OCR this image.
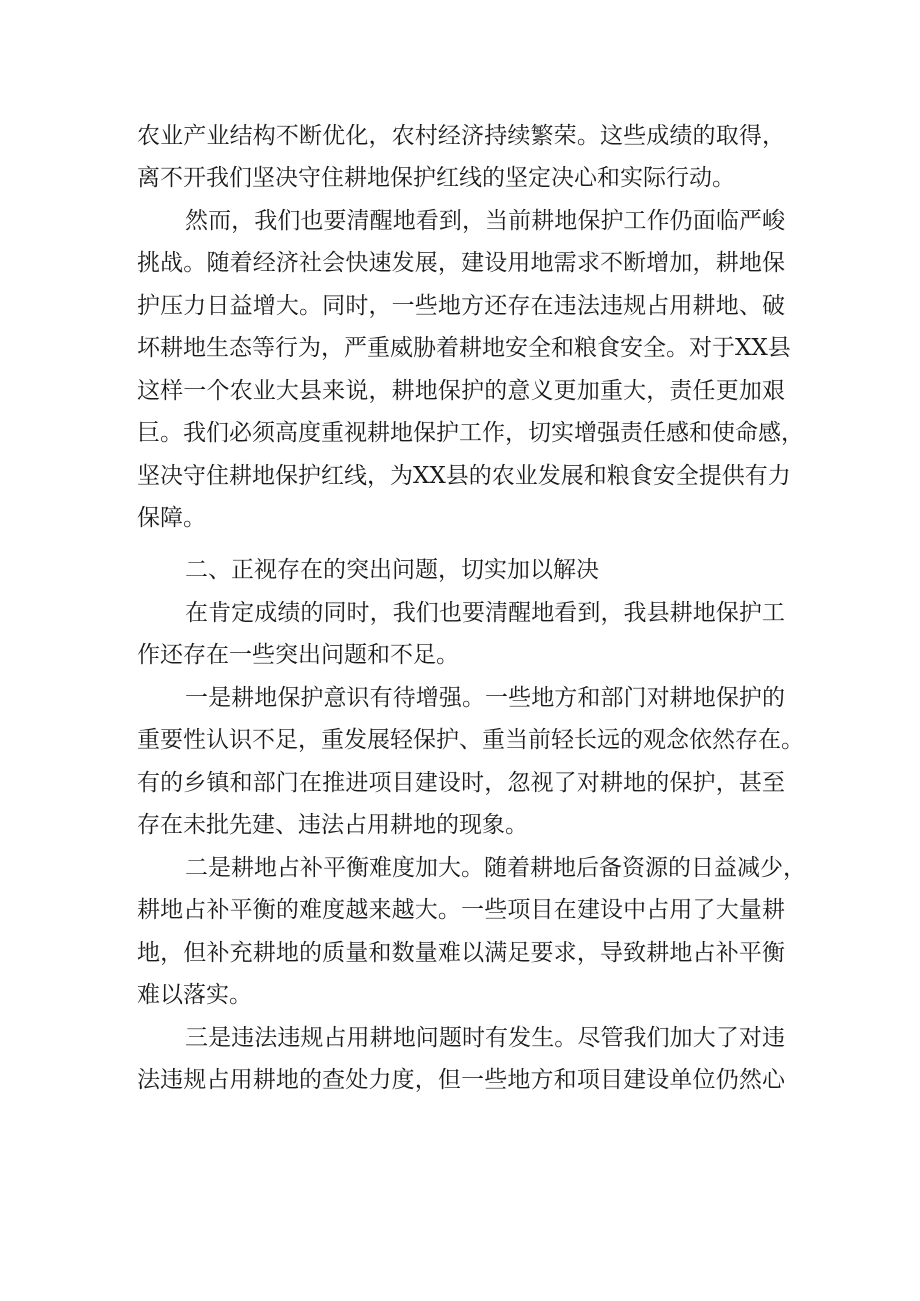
农业产业结构不断优化，农村经济持续繁荣。这些成绩的取得，
离不开我们坚决守住耕地保护红线的坚定决心和实际行动。
然而，我们也要清醒地看到，当前耕地保护工作仍面临严峻
挑战。随着经济社会快速发展，建设用地需求不断增加，耕地保
护压力日益增大。同时，一些地方还存在违法违规占用耕地、破
坏耕地生态等行为，严重威胁着耕地安全和粮食安全。对于XX县
这样一个农业大县来说，耕地保护的意义更加重大，责任更加艰
巨。我们必须高度重视耕地保护工作，切实增强责任感和使命感，
坚决守住耕地保护红线，为XX县的农业发展和粮食安全提供有力
保障。
二、正视存在的突出问题，切实加以解决
在肯定成绩的同时，我们也要清醒地看到，我县耕地保护工
作还存在一些突出问题和不足。
一是耕地保护意识有待增强。一些地方和部门对耕地保护的
重要性认识不足，重发展轻保护、重当前轻长远的观念依然存在。
有的乡镇和部门在推进项目建设时，忽视了对耕地的保护，甚至
存在未批先建、违法占用耕地的现象。
二是耕地占补平衡难度加大。随着耕地后备资源的日益减少，
耕地占补平衡的难度越来越大。一些项目在建设中占用了大量耕
地，但补充耕地的质量和数量难以满足要求，导致耕地占补平衡
难以落实。
三是违法违规占用耕地问题时有发生。尽管我们加大了对违
法违规占用耕地的查处力度，但一些地方和项目建设单位仍然心
